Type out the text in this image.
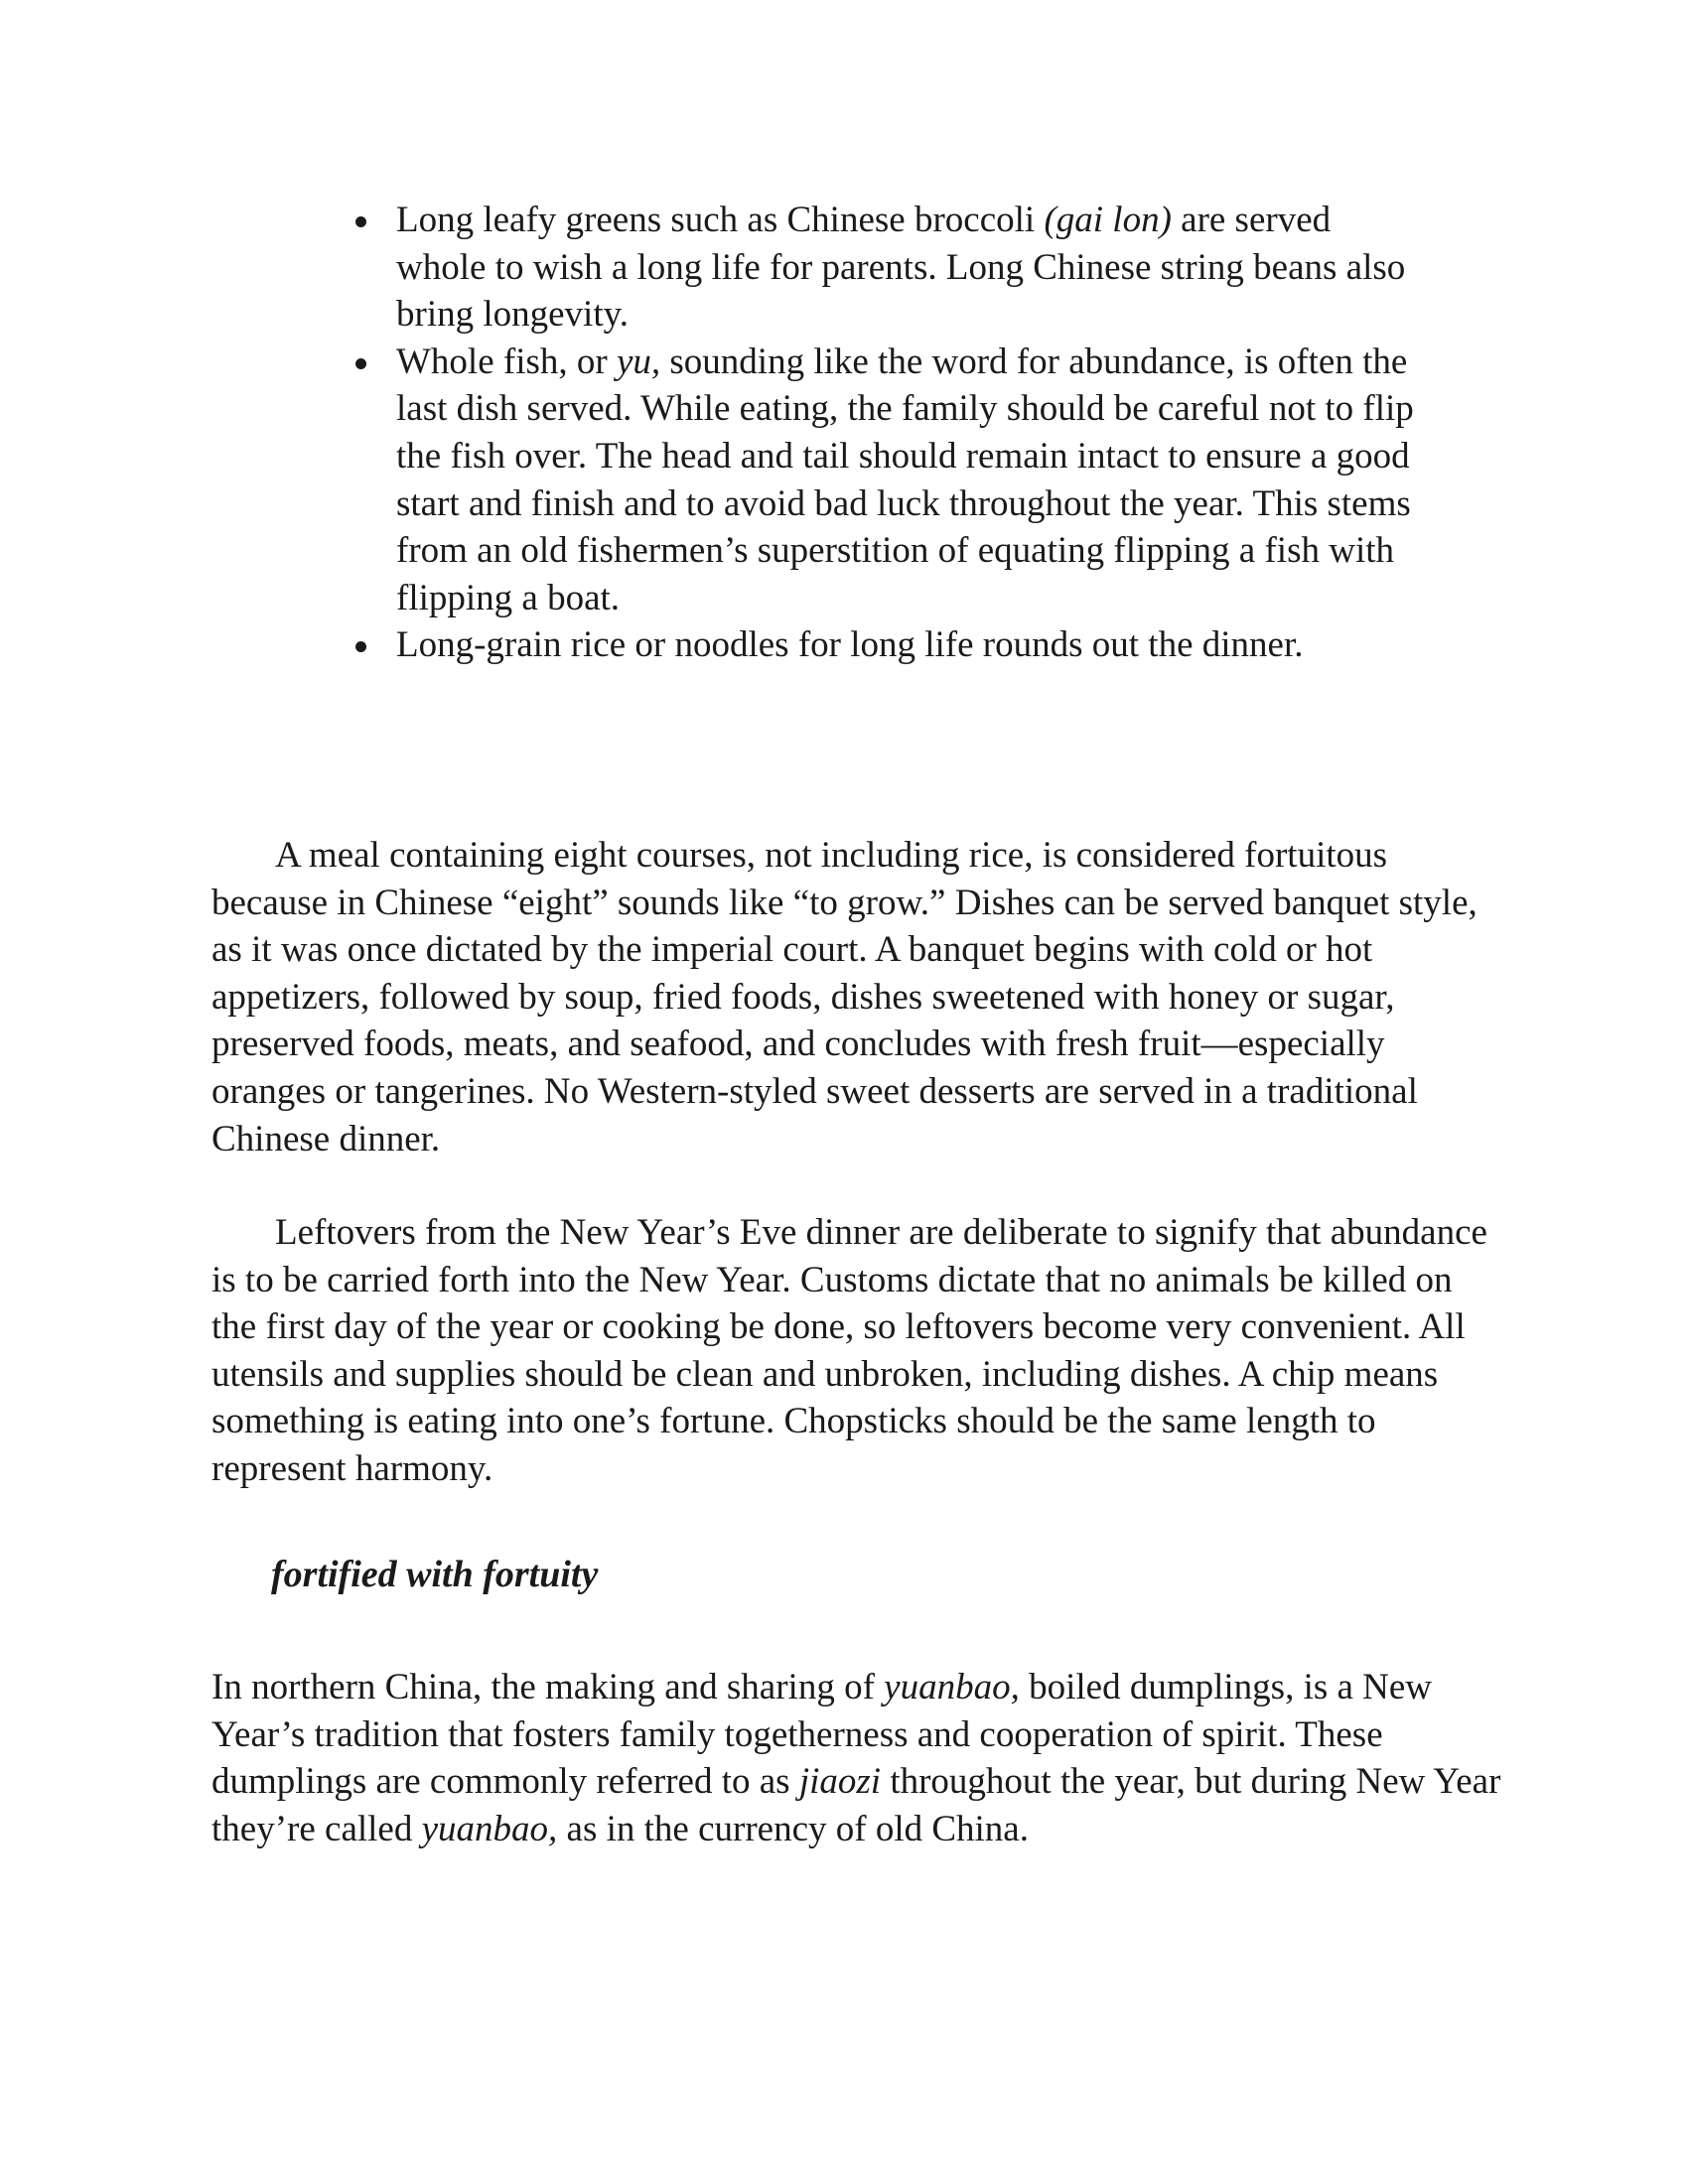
Long leafy greens such as Chinese broccoli (gai lon) are served whole to wish a long life for parents. Long Chinese string beans also bring longevity.
Whole fish, or yu, sounding like the word for abundance, is often the last dish served. While eating, the family should be careful not to flip the fish over. The head and tail should remain intact to ensure a good start and finish and to avoid bad luck throughout the year. This stems from an old fishermen’s superstition of equating flipping a fish with flipping a boat.
Long-grain rice or noodles for long life rounds out the dinner.

A meal containing eight courses, not including rice, is considered fortuitous because in Chinese “eight” sounds like “to grow.” Dishes can be served banquet style, as it was once dictated by the imperial court. A banquet begins with cold or hot appetizers, followed by soup, fried foods, dishes sweetened with honey or sugar, preserved foods, meats, and seafood, and concludes with fresh fruit—especially oranges or tangerines. No Western-styled sweet desserts are served in a traditional Chinese dinner.

Leftovers from the New Year’s Eve dinner are deliberate to signify that abundance is to be carried forth into the New Year. Customs dictate that no animals be killed on the first day of the year or cooking be done, so leftovers become very convenient. All utensils and supplies should be clean and unbroken, including dishes. A chip means something is eating into one’s fortune. Chopsticks should be the same length to represent harmony.

fortified with fortuity

In northern China, the making and sharing of yuanbao, boiled dumplings, is a New Year’s tradition that fosters family togetherness and cooperation of spirit. These dumplings are commonly referred to as jiaozi throughout the year, but during New Year they’re called yuanbao, as in the currency of old China.
